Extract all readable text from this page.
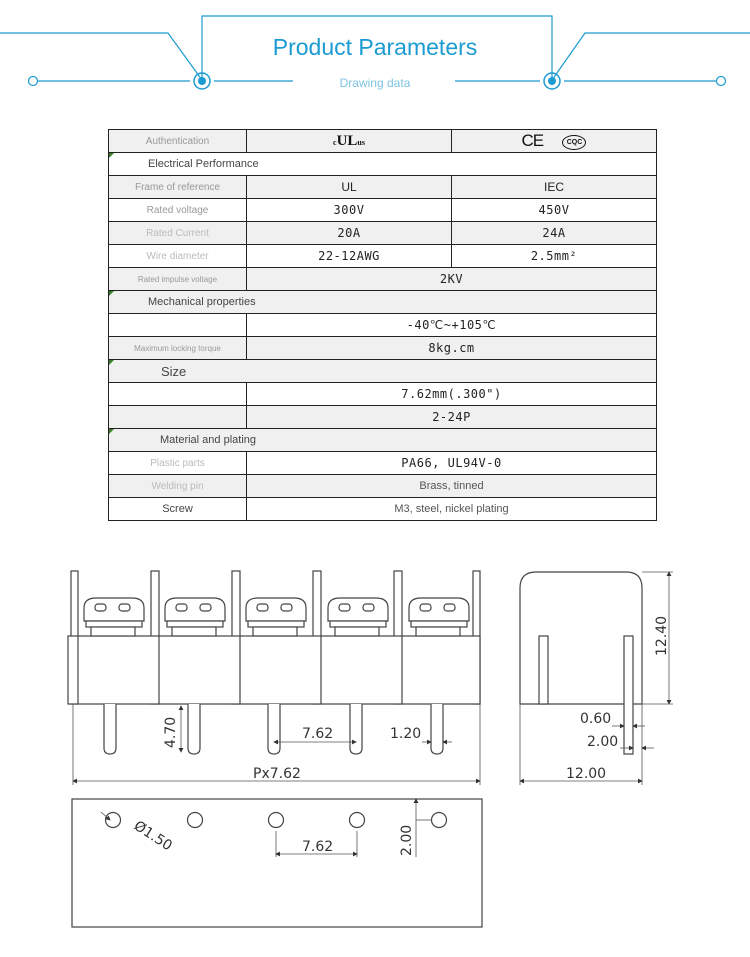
Product Parameters
Drawing data
Authentication	cULus	CE CQC
Electrical Performance		
Frame of reference	UL	IEC
Rated voltage	300V	450V
Rated Current	20A	24A
Wire diameter	22-12AWG	2.5mm²
Rated impulse voltage	2KV	
Mechanical properties		
	-40℃~+105℃	
Maximum locking torque	8kg.cm	
Size		
	7.62mm(.300")	
	2-24P	
Material and plating		
Plastic parts	PA66, UL94V-0	
Welding pin	Brass, tinned	
Screw	M3, steel, nickel plating	
4.70	7.62	1.20
Px7.62
12.40
0.60
2.00
12.00
Ø1.50	7.62	2.00
